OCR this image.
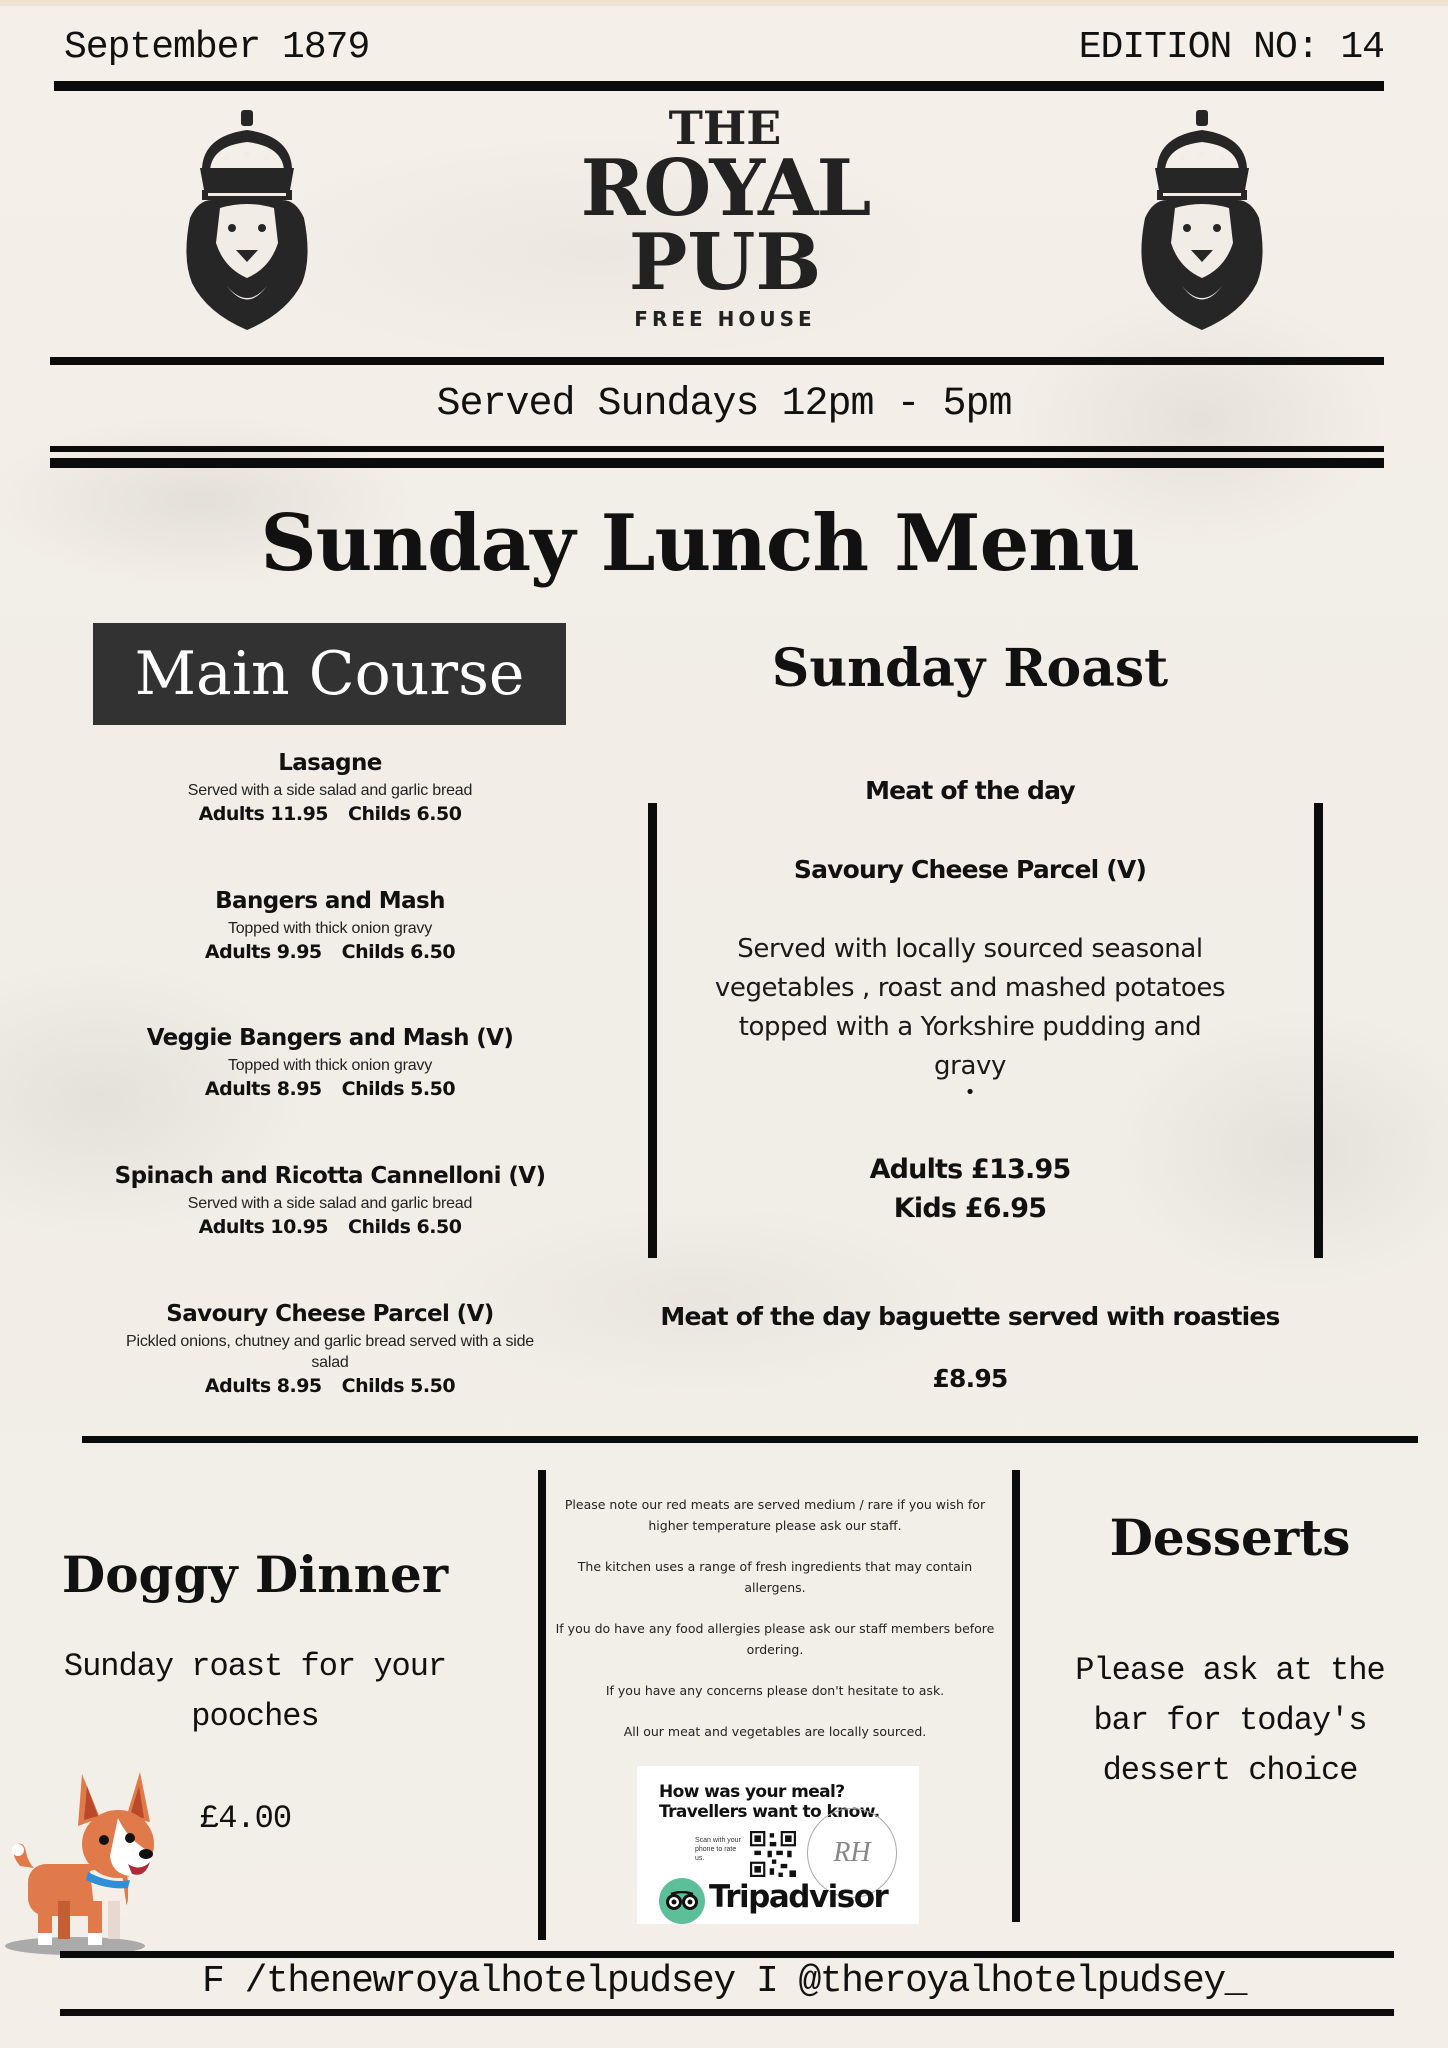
September 1879	EDITION NO: 14
THE
ROYAL
PUB
FREE HOUSE
Served Sundays 12pm - 5pm
Sunday Lunch Menu
Main Course	Sunday Roast
Lasagne
Served with a side salad and garlic bread
Adults 11.95 Childs 6.50
Bangers and Mash
Topped with thick onion gravy
Adults 9.95 Childs 6.50
Veggie Bangers and Mash (V)
Topped with thick onion gravy
Adults 8.95 Childs 5.50
Spinach and Ricotta Cannelloni (V)
Served with a side salad and garlic bread
Adults 10.95 Childs 6.50
Savoury Cheese Parcel (V)
Pickled onions, chutney and garlic bread served with a side salad
Adults 8.95 Childs 5.50
Meat of the day
Savoury Cheese Parcel (V)
Served with locally sourced seasonal vegetables , roast and mashed potatoes topped with a Yorkshire pudding and gravy
•
Adults £13.95
Kids £6.95
Meat of the day baguette served with roasties
£8.95
Doggy Dinner
Sunday roast for your pooches
£4.00

Please note our red meats are served medium / rare if you wish for higher temperature please ask our staff.

The kitchen uses a range of fresh ingredients that may contain allergens.

If you do have any food allergies please ask our staff members before ordering.

If you have any concerns please don't hesitate to ask.

All our meat and vegetables are locally sourced.

How was your meal?
Travellers want to know.
Scan with your phone to rate us.	RH
Tripadvisor
Desserts
Please ask at the bar for today's dessert choice
F /thenewroyalhotelpudsey I @theroyalhotelpudsey_
